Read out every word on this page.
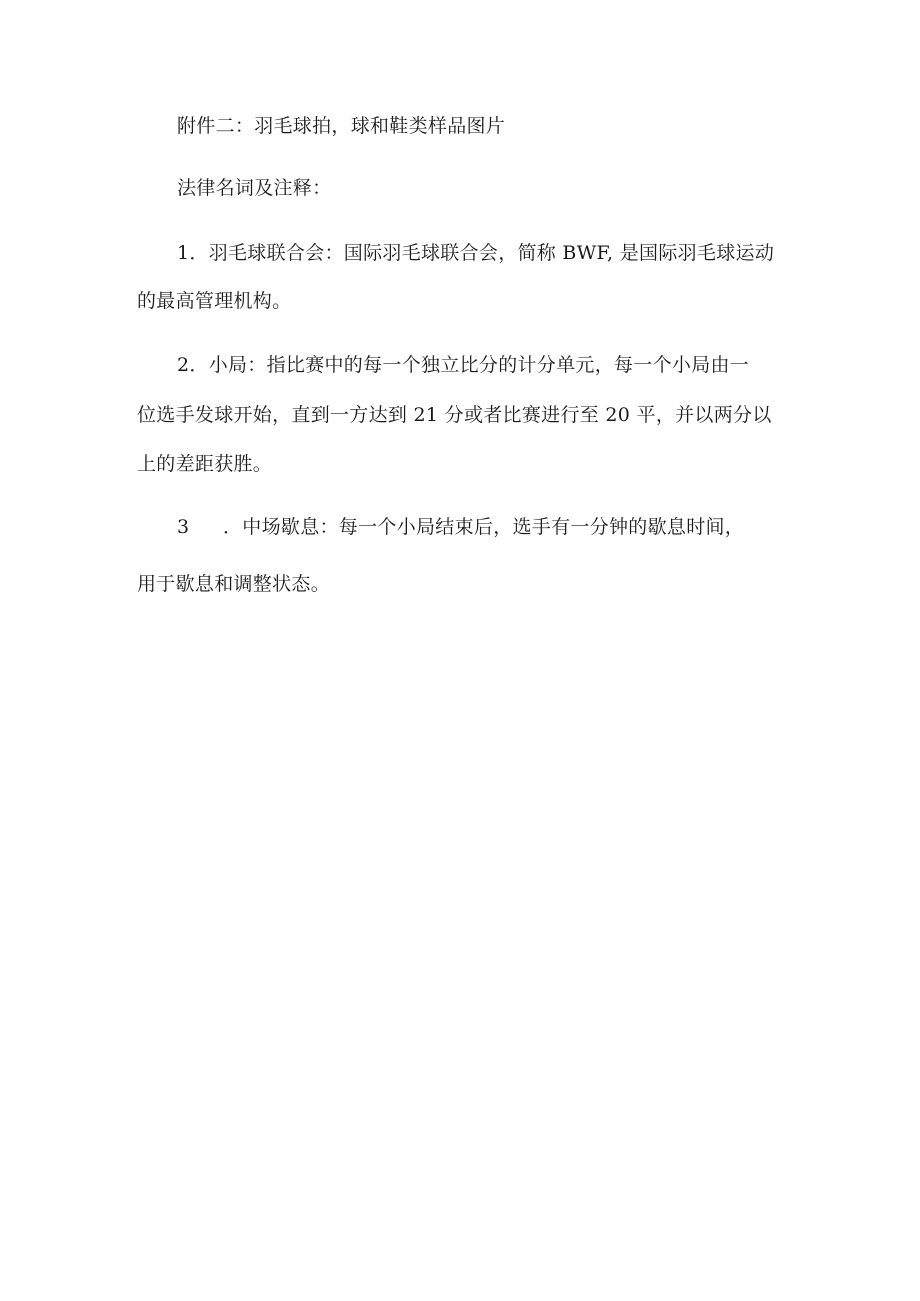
附件二：羽毛球拍，球和鞋类样品图片
法律名词及注释：
1．羽毛球联合会：国际羽毛球联合会，简称 BWF, 是国际羽毛球运动
的最高管理机构。
2．小局：指比赛中的每一个独立比分的计分单元，每一个小局由一
位选手发球开始，直到一方达到 21 分或者比赛进行至 20 平，并以两分以
上的差距获胜。
3 ．中场歇息：每一个小局结束后，选手有一分钟的歇息时间，
用于歇息和调整状态。
